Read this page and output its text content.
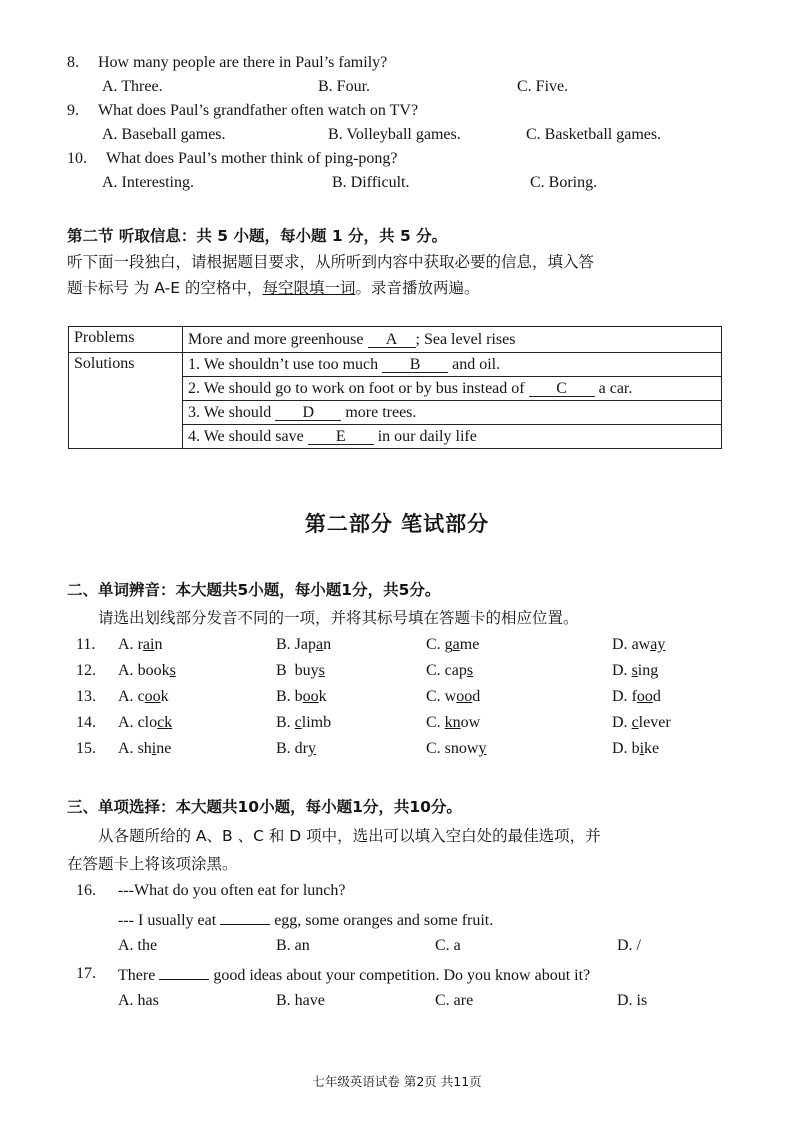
8. How many people are there in Paul’s family?
A. Three.	B. Four.	C. Five.
9. What does Paul’s grandfather often watch on TV?
A. Baseball games.	B. Volleyball games.	C. Basketball games.
10. What does Paul’s mother think of ping-pong?
A. Interesting.	B. Difficult.	C. Boring.
第二节 听取信息：共 5 小题，每小题 1 分，共 5 分。
听下面一段独白，请根据题目要求，从所听到内容中获取必要的信息，填入答
题卡标号 为 A-E 的空格中，每空限填一词。录音播放两遍。
Problems	More and more greenhouse A ; Sea level rises
Solutions	1. We shouldn’t use too much B and oil.
	2. We should go to work on foot or by bus instead of C a car.
	3. We should D more trees.
	4. We should save E in our daily life
第二部分 笔试部分
二、单词辨音：本大题共5小题，每小题1分，共5分。
请选出划线部分发音不同的一项，并将其标号填在答题卡的相应位置。
11. A. rain	B. Japan	C. game	D. away
12. A. books	B buys	C. caps	D. sing
13. A. cook	B. book	C. wood	D. food
14. A. clock	B. climb	C. know	D. clever
15. A. shine	B. dry	C. snowy	D. bike
三、单项选择：本大题共10小题，每小题1分，共10分。
从各题所给的 A、B 、C 和 D 项中，选出可以填入空白处的最佳选项，并
在答题卡上将该项涂黑。
16. ---What do you often eat for lunch?
--- I usually eat	egg, some oranges and some fruit.
A. the	B. an	C. a	D. /
17. There	good ideas about your competition. Do you know about it?
A. has	B. have	C. are	D. is
七年级英语试卷 第2页 共11页
